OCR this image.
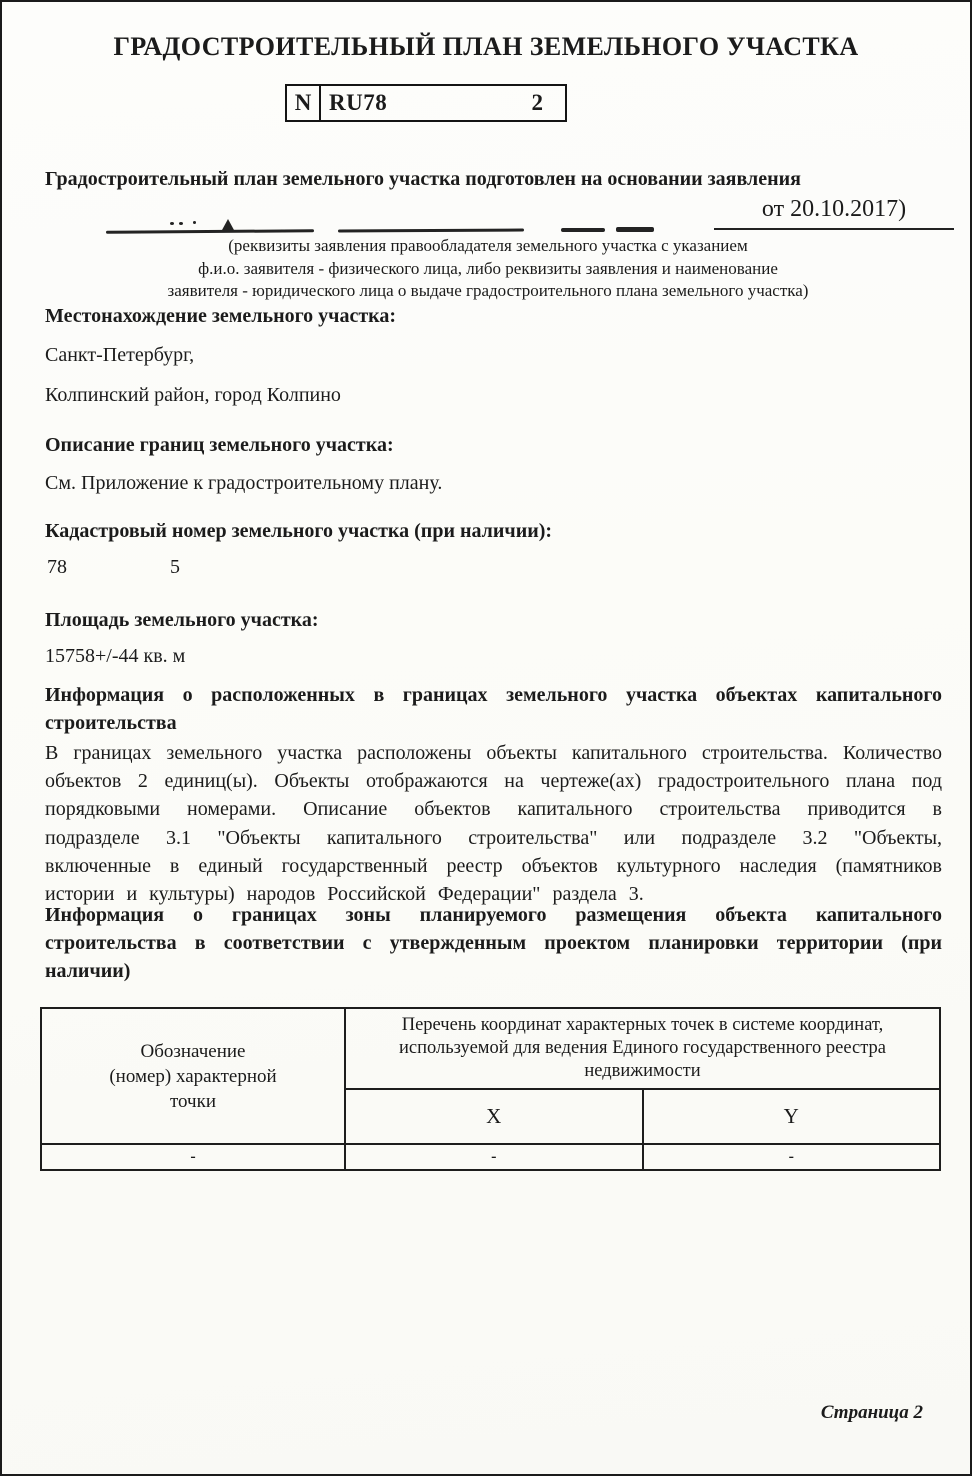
ГРАДОСТРОИТЕЛЬНЫЙ ПЛАН ЗЕМЕЛЬНОГО УЧАСТКА
N RU78	2
Градостроительный план земельного участка подготовлен на основании заявления
от 20.10.2017)
(реквизиты заявления правообладателя земельного участка с указанием
ф.и.о. заявителя - физического лица, либо реквизиты заявления и наименование
заявителя - юридического лица о выдаче градостроительного плана земельного участка)
Местонахождение земельного участка:
Санкт-Петербург,
Колпинский район, город Колпино
Описание границ земельного участка:
См. Приложение к градостроительному плану.
Кадастровый номер земельного участка (при наличии):
78	5
Площадь земельного участка:
15758+/-44 кв. м
Информация о расположенных в границах земельного участка объектах капитального строительства
В границах земельного участка расположены объекты капитального строительства. Количество объектов 2 единиц(ы). Объекты отображаются на чертеже(ах) градостроительного плана под порядковыми номерами. Описание объектов капитального строительства приводится в подразделе 3.1 "Объекты капитального строительства" или подразделе 3.2 "Объекты, включенные в единый государственный реестр объектов культурного наследия (памятников истории и культуры) народов Российской Федерации" раздела 3.
Информация о границах зоны планируемого размещения объекта капитального строительства в соответствии с утвержденным проектом планировки территории (при наличии)
Обозначение (номер) характерной точки	Перечень координат характерных точек в системе координат, используемой для ведения Единого государственного реестра недвижимости	
	X	Y
-	-	-
Страница 2
